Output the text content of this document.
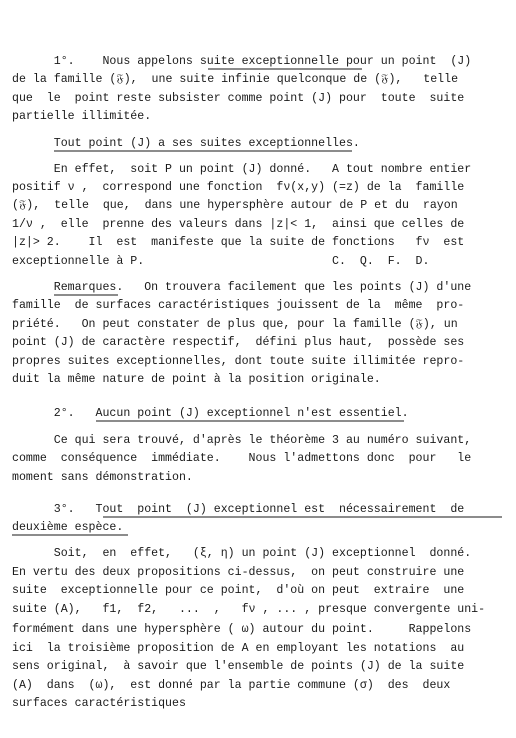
1°.    Nous appelons suite exceptionnelle pour un point  (J)
de la famille (𝔉),  une suite infinie quelconque de (𝔉),   telle
que  le  point reste subsister comme point (J) pour  toute  suite
partielle illimitée.
Tout point (J) a ses suites exceptionnelles.
En effet,  soit P un point (J) donné.   A tout nombre entier
positif ν ,  correspond une fonction  fν(x,y) (=z) de la  famille
(𝔉),  telle  que,  dans une hypersphère autour de P et du  rayon
1/ν ,  elle  prenne des valeurs dans |z|< 1,  ainsi que celles de
|z|> 2.    Il  est  manifeste que la suite de fonctions   fν  est
exceptionnelle à P.                           C.  Q.  F.  D.
Remarques.   On trouvera facilement que les points (J) d'une
famille  de surfaces caractéristiques jouissent de la  même  pro-
priété.   On peut constater de plus que, pour la famille (𝔉), un
point (J) de caractère respectif,  défini plus haut,  possède ses
propres suites exceptionnelles, dont toute suite illimitée repro-
duit la même nature de point à la position originale.
2°.   Aucun point (J) exceptionnel n'est essentiel.
Ce qui sera trouvé, d'après le théorème 3 au numéro suivant,
comme  conséquence  immédiate.    Nous l'admettons donc  pour   le
moment sans démonstration.
3°.   Tout  point  (J) exceptionnel est  nécessairement  de
deuxième espèce.
Soit,  en  effet,   (ξ, η) un point (J) exceptionnel  donné.
En vertu des deux propositions ci-dessus,  on peut construire une
suite  exceptionnelle pour ce point,  d'où on peut  extraire  une
suite (A),   f1,  f2,   ...  ,   fν , ... , presque convergente uni-
formément dans une hypersphère ( ω) autour du point.     Rappelons
ici  la troisième proposition de A en employant les notations  au
sens original,  à savoir que l'ensemble de points (J) de la suite
(A)  dans  (ω),  est donné par la partie commune (σ)  des  deux
surfaces caractéristiques
